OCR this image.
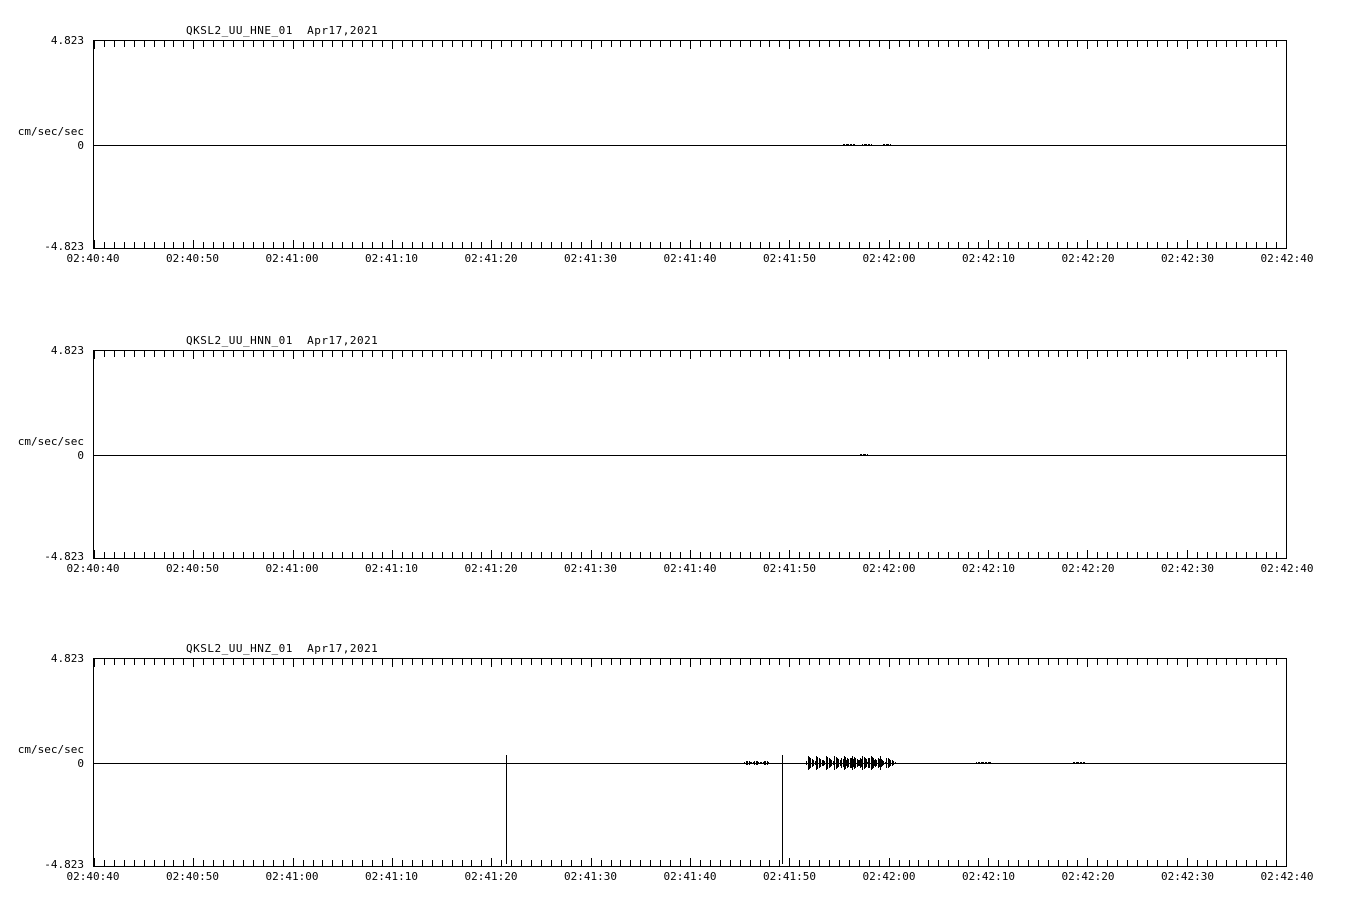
QKSL2_UU_HNE_01  Apr17,2021
4.823
cm/sec/sec
0
-4.823
02:40:40	02:40:50	02:41:00	02:41:10	02:41:20	02:41:30	02:41:40	02:41:50	02:42:00	02:42:10	02:42:20	02:42:30	02:42:40
QKSL2_UU_HNN_01  Apr17,2021
4.823
cm/sec/sec
0
-4.823
02:40:40	02:40:50	02:41:00	02:41:10	02:41:20	02:41:30	02:41:40	02:41:50	02:42:00	02:42:10	02:42:20	02:42:30	02:42:40
QKSL2_UU_HNZ_01  Apr17,2021
4.823
cm/sec/sec
0
-4.823
02:40:40	02:40:50	02:41:00	02:41:10	02:41:20	02:41:30	02:41:40	02:41:50	02:42:00	02:42:10	02:42:20	02:42:30	02:42:40
